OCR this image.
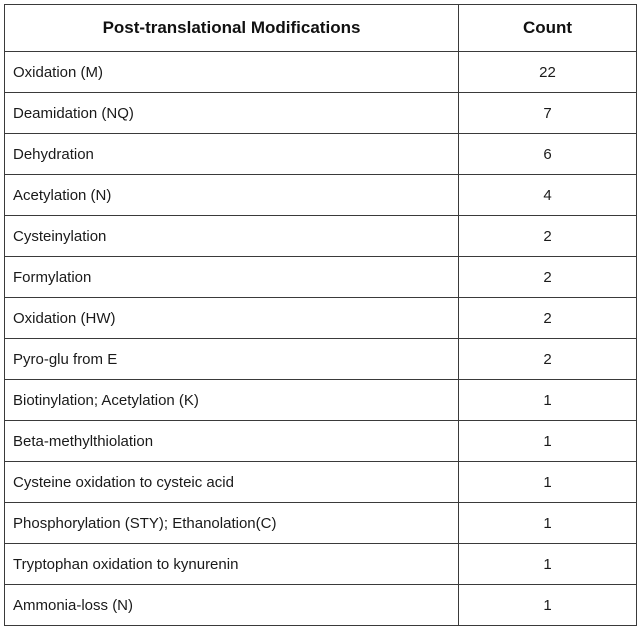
Post-translational Modifications	Count
Oxidation (M)	22
Deamidation (NQ)	7
Dehydration	6
Acetylation (N)	4
Cysteinylation	2
Formylation	2
Oxidation (HW)	2
Pyro-glu from E	2
Biotinylation; Acetylation (K)	1
Beta-methylthiolation	1
Cysteine oxidation to cysteic acid	1
Phosphorylation (STY); Ethanolation(C)	1
Tryptophan oxidation to kynurenin	1
Ammonia-loss (N)	1
